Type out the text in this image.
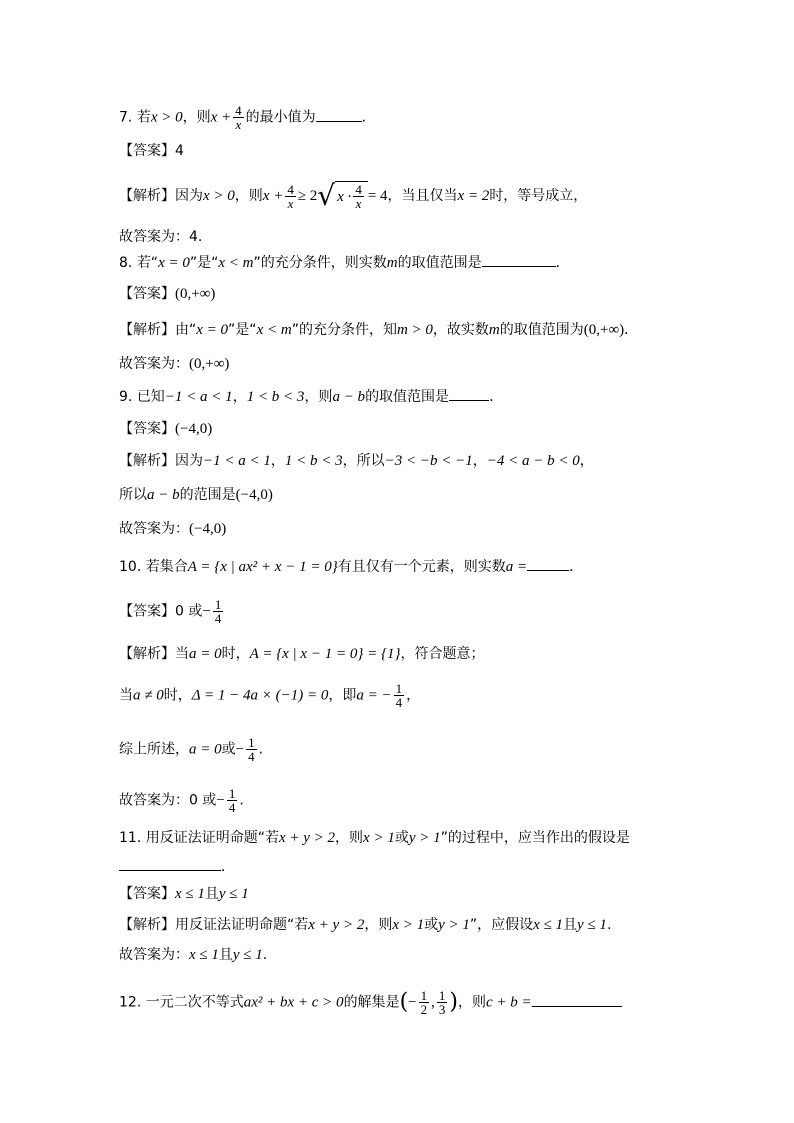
7. 若x > 0，则$x + \frac{4}{x}$ 的最小值为	．
【答案】4
【解析】因为x > 0，则$x + \frac{4}{x} \ge 2$ √ $x \cdot \frac{4}{x} = 4$，当且仅当x = 2时，等号成立，
故答案为：4.
8. 若“x = 0”是“x < m”的充分条件，则实数m的取值范围是	．
【答案】(0,+∞)
【解析】由“x = 0”是“x < m”的充分条件，知m > 0，故实数m的取值范围为(0,+∞)．
故答案为：(0,+∞)
9. 已知−1 < a < 1，1 < b < 3，则a − b的取值范围是	.
【答案】(−4,0)
【解析】因为−1 < a < 1，1 < b < 3，所以−3 < −b < −1，−4 < a − b < 0，
所以a − b的范围是(−4,0)
故答案为：(−4,0)
10. 若集合A = {x | ax² + x − 1 = 0}有且仅有一个元素，则实数a =	．
【答案】0 或− $\frac{1}{4}$
【解析】当a = 0时，A = {x | x − 1 = 0} = {1}，符合题意；
当a ≠ 0时，Δ = 1 − 4a × (−1) = 0，即a = − $\frac{1}{4}$ ，
综上所述，a = 0或− $\frac{1}{4}$ .
故答案为：0 或− $\frac{1}{4}$ .
11. 用反证法证明命题“若x + y > 2，则x > 1或y > 1”的过程中，应当作出的假设是
．
【答案】x ≤ 1且y ≤ 1
【解析】用反证法证明命题“若x + y > 2，则x > 1或y > 1”，应假设x ≤ 1且y ≤ 1.
故答案为：x ≤ 1且y ≤ 1.
12. 一元二次不等式ax² + bx + c > 0的解集是(− $\frac{1}{2}$ , $\frac{1}{3}$ )，则c + b =
